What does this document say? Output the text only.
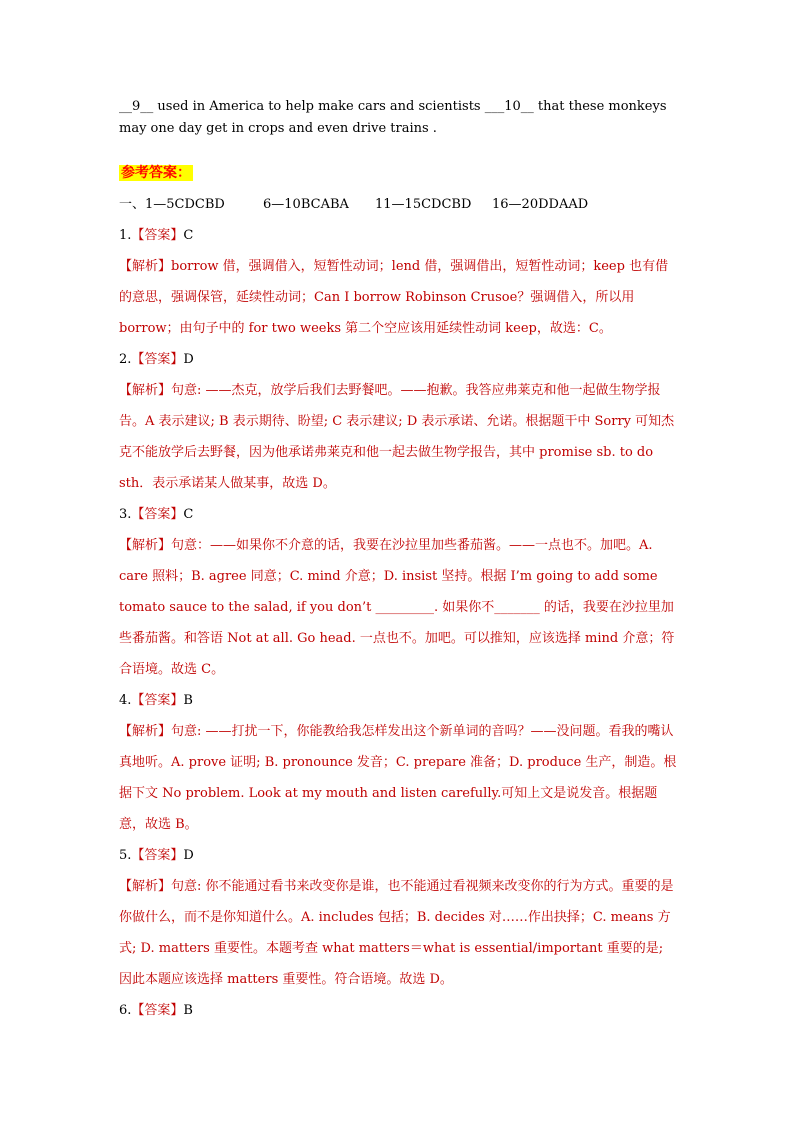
__9__ used in America to help make cars and scientists ___10__ that these monkeys may one day get in crops and even drive trains .

参考答案：

一、1—5CDCBD	6—10BCABA 11—15CDCBD 16—20DDAAD

1.【答案】C

【解析】borrow 借，强调借入，短暂性动词；lend 借，强调借出，短暂性动词；keep 也有借的意思，强调保管，延续性动词；Can I borrow Robinson Crusoe？强调借入，所以用 borrow；由句子中的 for two weeks 第二个空应该用延续性动词 keep，故选：C。

2.【答案】D

【解析】句意: ——杰克，放学后我们去野餐吧。——抱歉。我答应弗莱克和他一起做生物学报告。A 表示建议; B 表示期待、盼望; C 表示建议; D 表示承诺、允诺。根据题干中 Sorry 可知杰克不能放学后去野餐，因为他承诺弗莱克和他一起去做生物学报告，其中 promise sb. to do sth．表示承诺某人做某事，故选 D。

3.【答案】C

【解析】句意：——如果你不介意的话，我要在沙拉里加些番茄酱。——一点也不。加吧。A. care 照料；B. agree 同意；C. mind 介意；D. insist 坚持。根据 I’m going to add some tomato sauce to the salad, if you don’t _________. 如果你不_______ 的话，我要在沙拉里加些番茄酱。和答语 Not at all. Go head. 一点也不。加吧。可以推知，应该选择 mind 介意；符合语境。故选 C。

4.【答案】B

【解析】句意: ——打扰一下，你能教给我怎样发出这个新单词的音吗？——没问题。看我的嘴认真地听。A. prove 证明; B. pronounce 发音；C. prepare 准备；D. produce 生产，制造。根据下文 No problem. Look at my mouth and listen carefully.可知上文是说发音。根据题意，故选 B。

5.【答案】D

【解析】句意: 你不能通过看书来改变你是谁，也不能通过看视频来改变你的行为方式。重要的是你做什么，而不是你知道什么。A. includes 包括；B. decides 对……作出抉择；C. means 方式; D. matters 重要性。本题考查 what matters＝what is essential/important 重要的是; 因此本题应该选择 matters 重要性。符合语境。故选 D。

6.【答案】B
